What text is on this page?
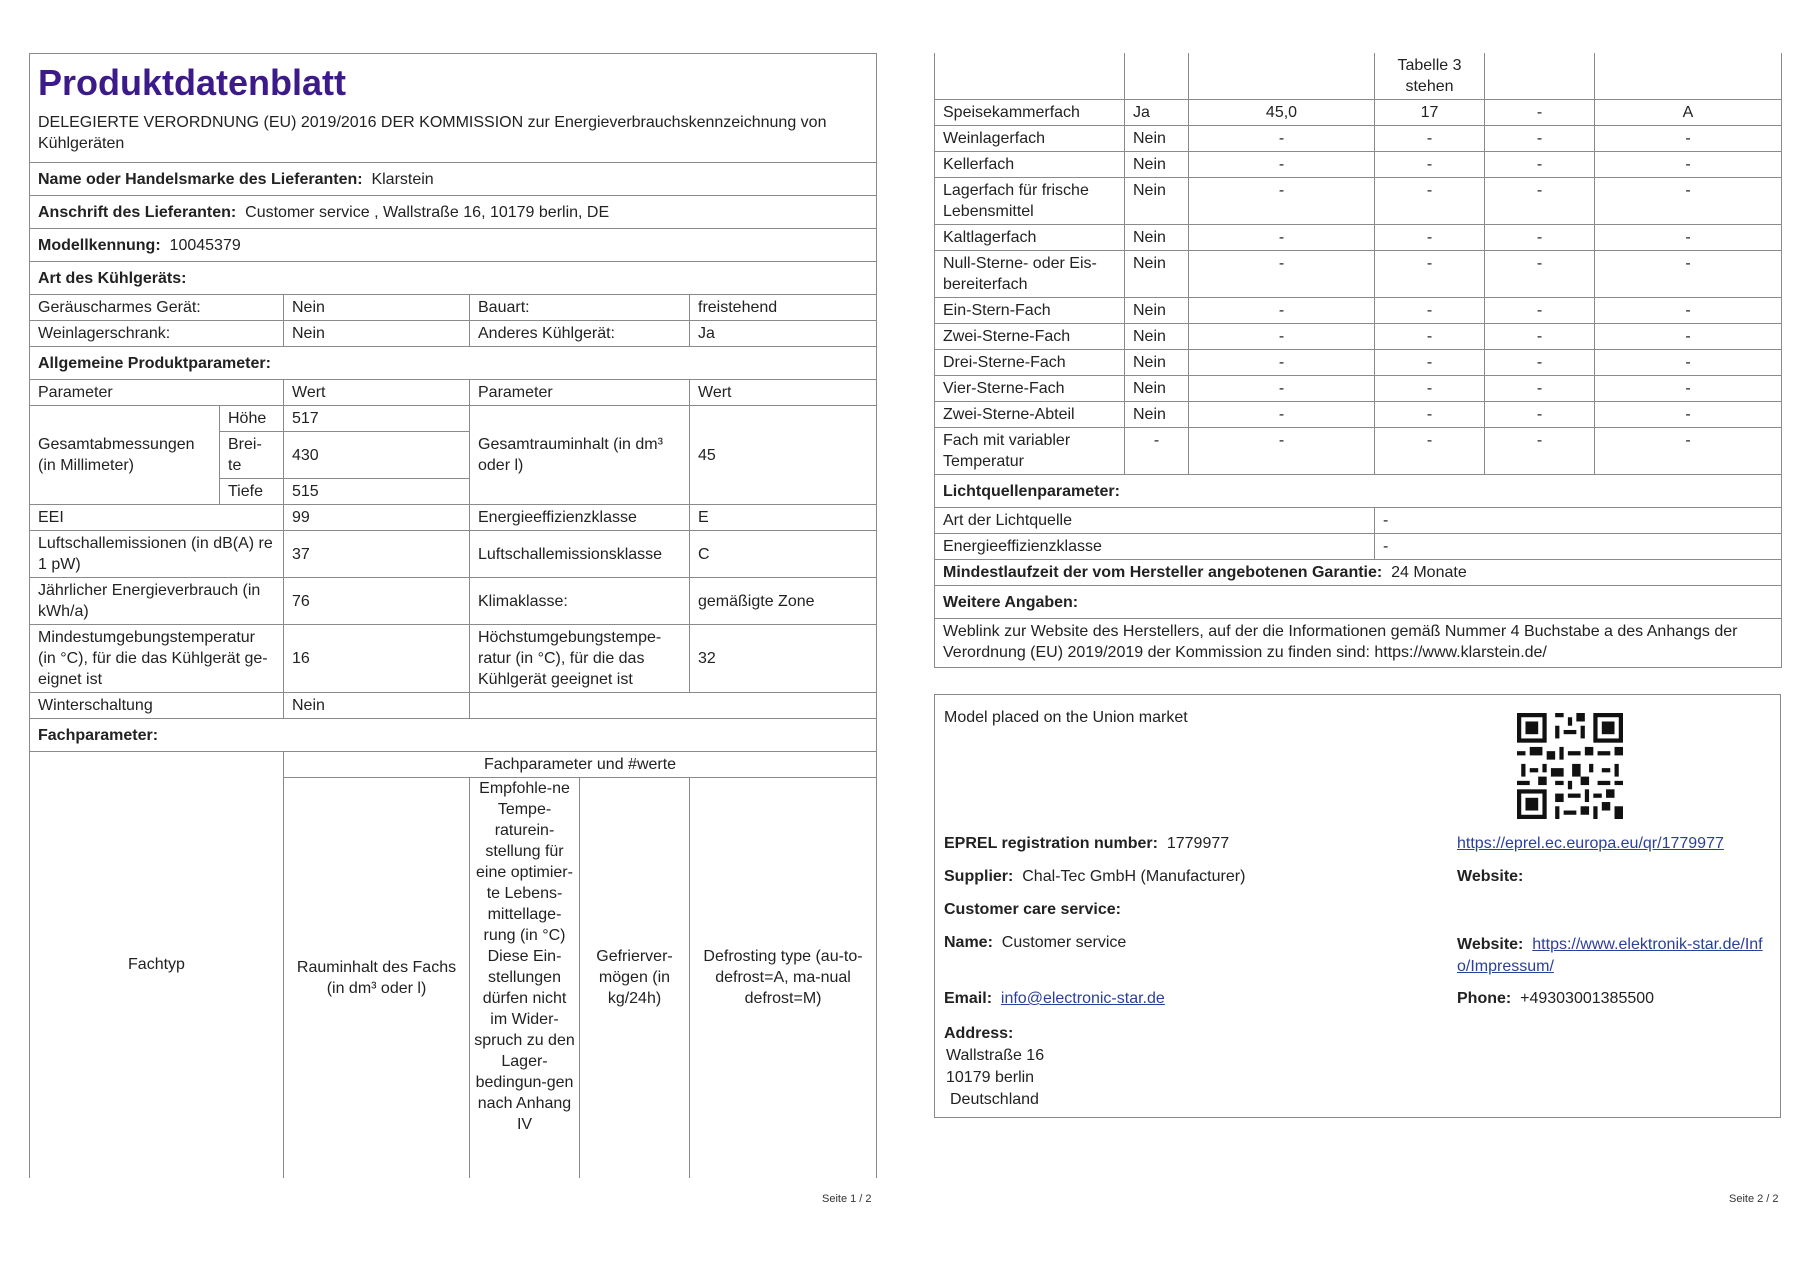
Produktdatenblatt
DELEGIERTE VERORDNUNG (EU) 2019/2016 DER KOMMISSION zur Energieverbrauchskennzeichnung von Kühlgeräten					

Name oder Handelsmarke des Lieferanten: Klarstein					
Anschrift des Lieferanten: Customer service , Wallstraße 16, 10179 berlin, DE					
Modellkennung: 10045379					
Art des Kühlgeräts:					
Geräuscharmes Gerät:		Nein	Bauart:		freistehend
Weinlagerschrank:		Nein	Anderes Kühlgerät:		Ja
Allgemeine Produktparameter:					
Parameter		Wert	Parameter		Wert
Gesamtabmessungen (in Millimeter)	Höhe	517	Gesamtrauminhalt (in dm³ oder l)		45
	Brei-te	430			
	Tiefe	515			
EEI		99	Energieeffizienzklasse		E
Luftschallemissionen (in dB(A) re 1 pW)		37	Luftschallemissionsklasse		C
Jährlicher Energieverbrauch (in kWh/a)		76	Klimaklasse:		gemäßigte Zone
Mindestumgebungstemperatur (in °C), für die das Kühlgerät ge-eignet ist		16	Höchstumgebungstempe-ratur (in °C), für die das Kühlgerät geeignet ist		32
Winterschaltung		Nein			
Fachparameter:					
Fachtyp		Fachparameter und #werte			
		Rauminhalt des Fachs (in dm³ oder l)	Empfohle-ne Tempe-raturein-stellung für eine optimier-te Lebens-mittellage-rung (in °C) Diese Ein-stellungen dürfen nicht im Wider-spruch zu den Lager-bedingun-gen nach Anhang IV	Gefrierver-mögen (in kg/24h)	Defrosting type (au-to-defrost=A, ma-nual defrost=M)
Seite 1 / 2
			Tabelle 3 stehen		
Speisekammerfach	Ja	45,0	17	-	A
Weinlagerfach	Nein	-	-	-	-
Kellerfach	Nein	-	-	-	-
Lagerfach für frische Lebensmittel	Nein	-	-	-	-
Kaltlagerfach	Nein	-	-	-	-
Null-Sterne- oder Eis-bereiterfach	Nein	-	-	-	-
Ein-Stern-Fach	Nein	-	-	-	-
Zwei-Sterne-Fach	Nein	-	-	-	-
Drei-Sterne-Fach	Nein	-	-	-	-
Vier-Sterne-Fach	Nein	-	-	-	-
Zwei-Sterne-Abteil	Nein	-	-	-	-
Fach mit variabler Temperatur	-	-	-	-	-
Lichtquellenparameter:					
Art der Lichtquelle			-		
Energieeffizienzklasse			-		
Mindestlaufzeit der vom Hersteller angebotenen Garantie: 24 Monate					
Weitere Angaben:					
Weblink zur Website des Herstellers, auf der die Informationen gemäß Nummer 4 Buchstabe a des Anhangs der Verordnung (EU) 2019/2019 der Kommission zu finden sind: https://www.klarstein.de/					
Model placed on the Union market
EPREL registration number: 1779977	https://eprel.ec.europa.eu/qr/1779977
Supplier: Chal-Tec GmbH (Manufacturer)	Website:
Customer care service:
Name: Customer service	Website: https://www.elektronik-star.de/Info/Impressum/
Email: info@electronic-star.de	Phone: +49303001385500
Address:
Wallstraße 16
10179 berlin
Deutschland
Seite 2 / 2
